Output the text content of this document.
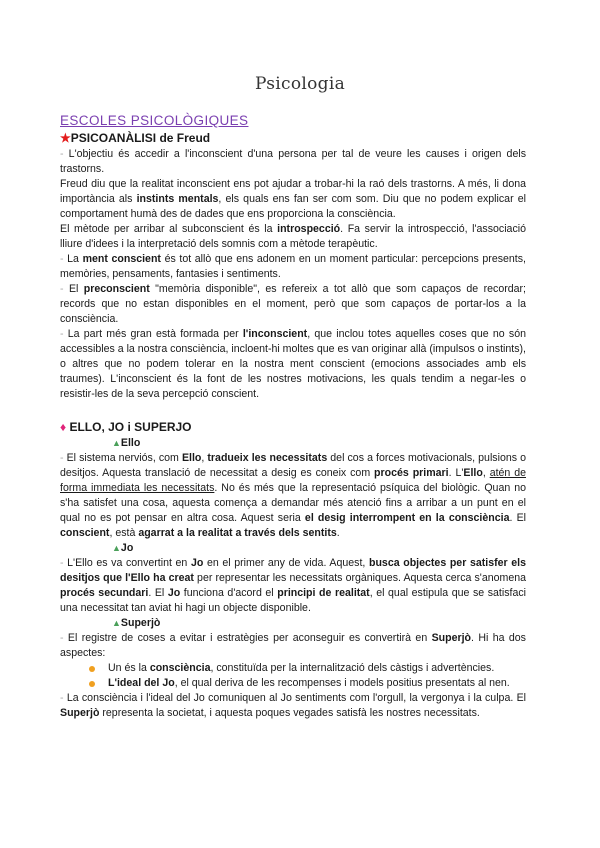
Psicologia
ESCOLES PSICOLÒGIQUES
★PSICOANÀLISI de Freud

- L'objectiu és accedir a l'inconscient d'una persona per tal de veure les causes i origen dels trastorns.

Freud diu que la realitat inconscient ens pot ajudar a trobar-hi la raó dels trastorns. A més, li dona importància als instints mentals, els quals ens fan ser com som. Diu que no podem explicar el comportament humà des de dades que ens proporciona la consciència.

El mètode per arribar al subconscient és la introspecció. Fa servir la introspecció, l'associació lliure d'idees i la interpretació dels somnis com a mètode terapèutic.

- La ment conscient és tot allò que ens adonem en un moment particular: percepcions presents, memòries, pensaments, fantasies i sentiments.

- El preconscient "memòria disponible", es refereix a tot allò que som capaços de recordar; records que no estan disponibles en el moment, però que som capaços de portar-los a la consciència.

- La part més gran està formada per l'inconscient, que inclou totes aquelles coses que no són accessibles a la nostra consciència, incloent-hi moltes que es van originar allà (impulsos o instints), o altres que no podem tolerar en la nostra ment conscient (emocions associades amb els traumes). L'inconscient és la font de les nostres motivacions, les quals tendim a negar-les o resistir-les de la seva percepció conscient.

♦ ELLO, JO i SUPERJO
▲Ello

- El sistema nerviós, com Ello, tradueix les necessitats del cos a forces motivacionals, pulsions o desitjos. Aquesta translació de necessitat a desig es coneix com procés primari. L'Ello, atén de forma immediata les necessitats. No és més que la representació psíquica del biològic. Quan no s'ha satisfet una cosa, aquesta comença a demandar més atenció fins a arribar a un punt en el qual no es pot pensar en altra cosa. Aquest seria el desig interrompent en la consciència. El conscient, està agarrat a la realitat a través dels sentits.

▲Jo

- L'Ello es va convertint en Jo en el primer any de vida. Aquest, busca objectes per satisfer els desitjos que l'Ello ha creat per representar les necessitats orgàniques. Aquesta cerca s'anomena procés secundari. El Jo funciona d'acord el principi de realitat, el qual estipula que se satisfaci una necessitat tan aviat hi hagi un objecte disponible.

▲Superjò

- El registre de coses a evitar i estratègies per aconseguir es convertirà en Superjò. Hi ha dos aspectes:

Un és la consciència, constituïda per la internalització dels càstigs i advertències.
L'ideal del Jo, el qual deriva de les recompenses i models positius presentats al nen.

- La consciència i l'ideal del Jo comuniquen al Jo sentiments com l'orgull, la vergonya i la culpa. El Superjò representa la societat, i aquesta poques vegades satisfà les nostres necessitats.
